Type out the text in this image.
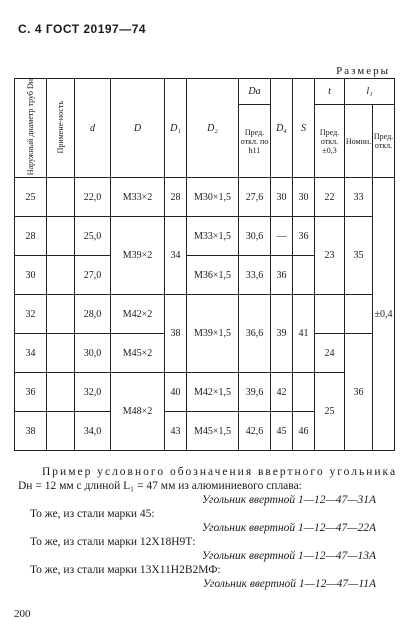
С. 4 ГОСТ 20197—74
Размеры
Наружный диаметр труб Dн	Примене-ность	d	D	D₁	D₂	Dа	D₄	S	t	l₁	
						Пред. откл. по h11			Пред. откл. ±0,3	Номин.	Пред. откл.
25		22,0	M33×2	28	M30×1,5	27,6	30	30	22	33	±0,4
28		25,0	M39×2	34	M33×1,5	30,6	—	36	23	35	
30		27,0			M36×1,5	33,6	36				
32		28,0	M42×2	38	M39×1,5	36,6	39	41			
34		30,0	M45×2						24	36	
36		32,0	M48×2	40	M42×1,5	39,6	42		25		
38		34,0		43	M45×1,5	42,6	45	46			
Пример условного обозначения ввертного угольника
Dн = 12 мм с длиной L₁ = 47 мм из алюминиевого сплава:
Угольник ввертной 1—12—47—31А
То же, из стали марки 45:
Угольник ввертной 1—12—47—22А
То же, из стали марки 12Х18Н9Т:
Угольник ввертной 1—12—47—13А
То же, из стали марки 13Х11Н2В2МФ:
Угольник ввертной 1—12—47—11А
200
